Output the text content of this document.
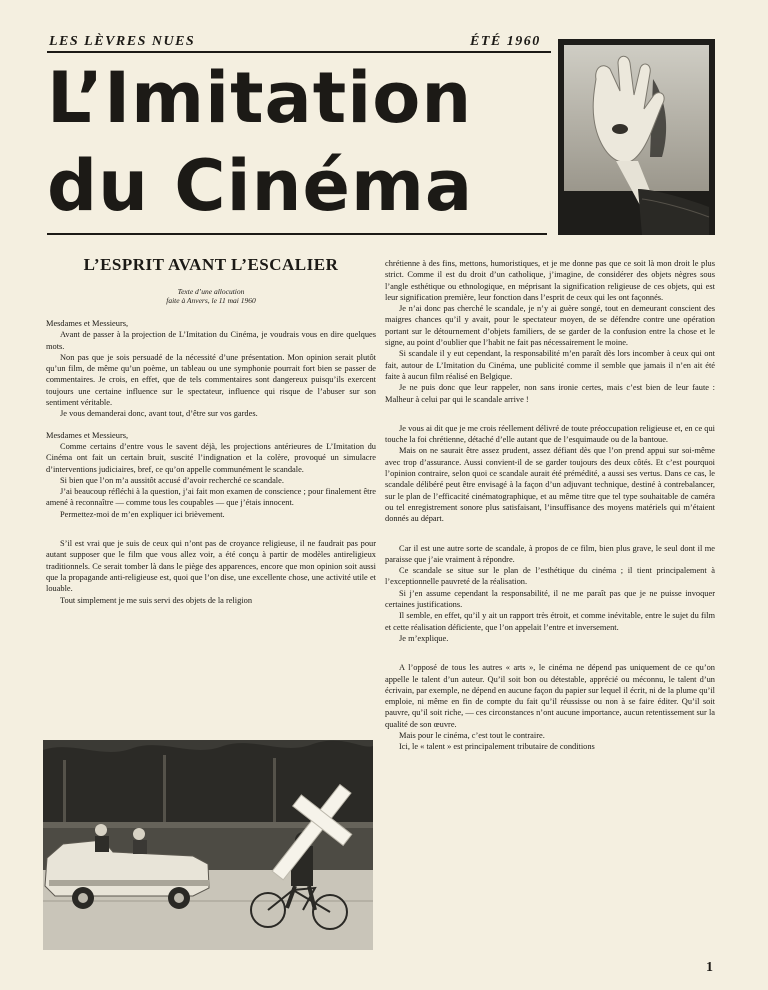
LES LÈVRES NUES	ÉTÉ 1960
L’Imitation
du Cinéma
L’ESPRIT AVANT L’ESCALIER
Texte d’une allocution
faite à Anvers, le 11 mai 1960

Mesdames et Messieurs,

Avant de passer à la projection de L’Imitation du Cinéma, je voudrais vous en dire quelques mots.

Non pas que je sois persuadé de la nécessité d’une présentation. Mon opinion serait plutôt qu’un film, de même qu’un poème, un tableau ou une symphonie pourrait fort bien se passer de commentaires. Je crois, en effet, que de tels commentaires sont dangereux puisqu’ils exercent toujours une certaine influence sur le spectateur, influence qui risque de l’abuser sur son sentiment véritable.

Je vous demanderai donc, avant tout, d’être sur vos gardes.

Mesdames et Messieurs,

Comme certains d’entre vous le savent déjà, les projections antérieures de L’Imitation du Cinéma ont fait un certain bruit, suscité l’indignation et la colère, provoqué un simulacre d’interventions judiciaires, bref, ce qu’on appelle communément le scandale.

Si bien que l’on m’a aussitôt accusé d’avoir recherché ce scandale.

J’ai beaucoup réfléchi à la question, j’ai fait mon examen de conscience ; pour finalement être amené à reconnaître — comme tous les coupables — que j’étais innocent.

Permettez-moi de m’en expliquer ici brièvement.

S’il est vrai que je suis de ceux qui n’ont pas de croyance religieuse, il ne faudrait pas pour autant supposer que le film que vous allez voir, a été conçu à partir de modèles antireligieux traditionnels. Ce serait tomber là dans le piège des apparences, encore que mon opinion soit aussi que la propagande anti-religieuse est, quoi que l’on dise, une excellente chose, une activité utile et louable.

Tout simplement je me suis servi des objets de la religion

chrétienne à des fins, mettons, humoristiques, et je me donne pas que ce soit là mon droit le plus strict. Comme il est du droit d’un catholique, j’imagine, de considérer des objets nègres sous l’angle esthétique ou ethnologique, en méprisant la signification religieuse de ces objets, qui est leur signification première, leur fonction dans l’esprit de ceux qui les ont façonnés.

Je n’ai donc pas cherché le scandale, je n’y ai guère songé, tout en demeurant conscient des maigres chances qu’il y avait, pour le spectateur moyen, de se défendre contre une opération portant sur le détournement d’objets familiers, de se garder de la confusion entre la chose et le signe, au point d’oublier que l’habit ne fait pas nécessairement le moine.

Si scandale il y eut cependant, la responsabilité m’en paraît dès lors incomber à ceux qui ont fait, autour de L’Imitation du Cinéma, une publicité comme il semble que jamais il n’en ait été faite à aucun film réalisé en Belgique.

Je ne puis donc que leur rappeler, non sans ironie certes, mais c’est bien de leur faute : Malheur à celui par qui le scandale arrive !

Je vous ai dit que je me crois réellement délivré de toute préoccupation religieuse et, en ce qui touche la foi chrétienne, détaché d’elle autant que de l’esquimaude ou de la bantoue.

Mais on ne saurait être assez prudent, assez défiant dès que l’on prend appui sur soi-même avec trop d’assurance. Aussi convient-il de se garder toujours des deux côtés. Et c’est pourquoi l’opinion contraire, selon quoi ce scandale aurait été prémédité, a aussi ses vertus. Dans ce cas, le scandale délibéré peut être envisagé à la façon d’un adjuvant technique, destiné à contrebalancer, sur le plan de l’efficacité cinématographique, et au même titre que tel type souhaitable de caméra ou tel enregistrement sonore plus satisfaisant, l’insuffisance des moyens matériels qui m’étaient donnés au départ.

Car il est une autre sorte de scandale, à propos de ce film, bien plus grave, le seul dont il me paraisse que j’aie vraiment à répondre.

Ce scandale se situe sur le plan de l’esthétique du cinéma ; il tient principalement à l’exceptionnelle pauvreté de la réalisation.

Si j’en assume cependant la responsabilité, il ne me paraît pas que je ne puisse invoquer certaines justifications.

Il semble, en effet, qu’il y ait un rapport très étroit, et comme inévitable, entre le sujet du film et cette réalisation déficiente, que l’on appelait l’entre et inversement.

Je m’explique.

A l’opposé de tous les autres « arts », le cinéma ne dépend pas uniquement de ce qu’on appelle le talent d’un auteur. Qu’il soit bon ou détestable, apprécié ou méconnu, le talent d’un écrivain, par exemple, ne dépend en aucune façon du papier sur lequel il écrit, ni de la plume qu’il emploie, ni même en fin de compte du fait qu’il réussisse ou non à se faire éditer. Qu’il soit pauvre, qu’il soit riche, — ces circonstances n’ont aucune importance, aucun retentissement sur la qualité de son œuvre.

Mais pour le cinéma, c’est tout le contraire.

Ici, le « talent » est principalement tributaire de conditions

1
